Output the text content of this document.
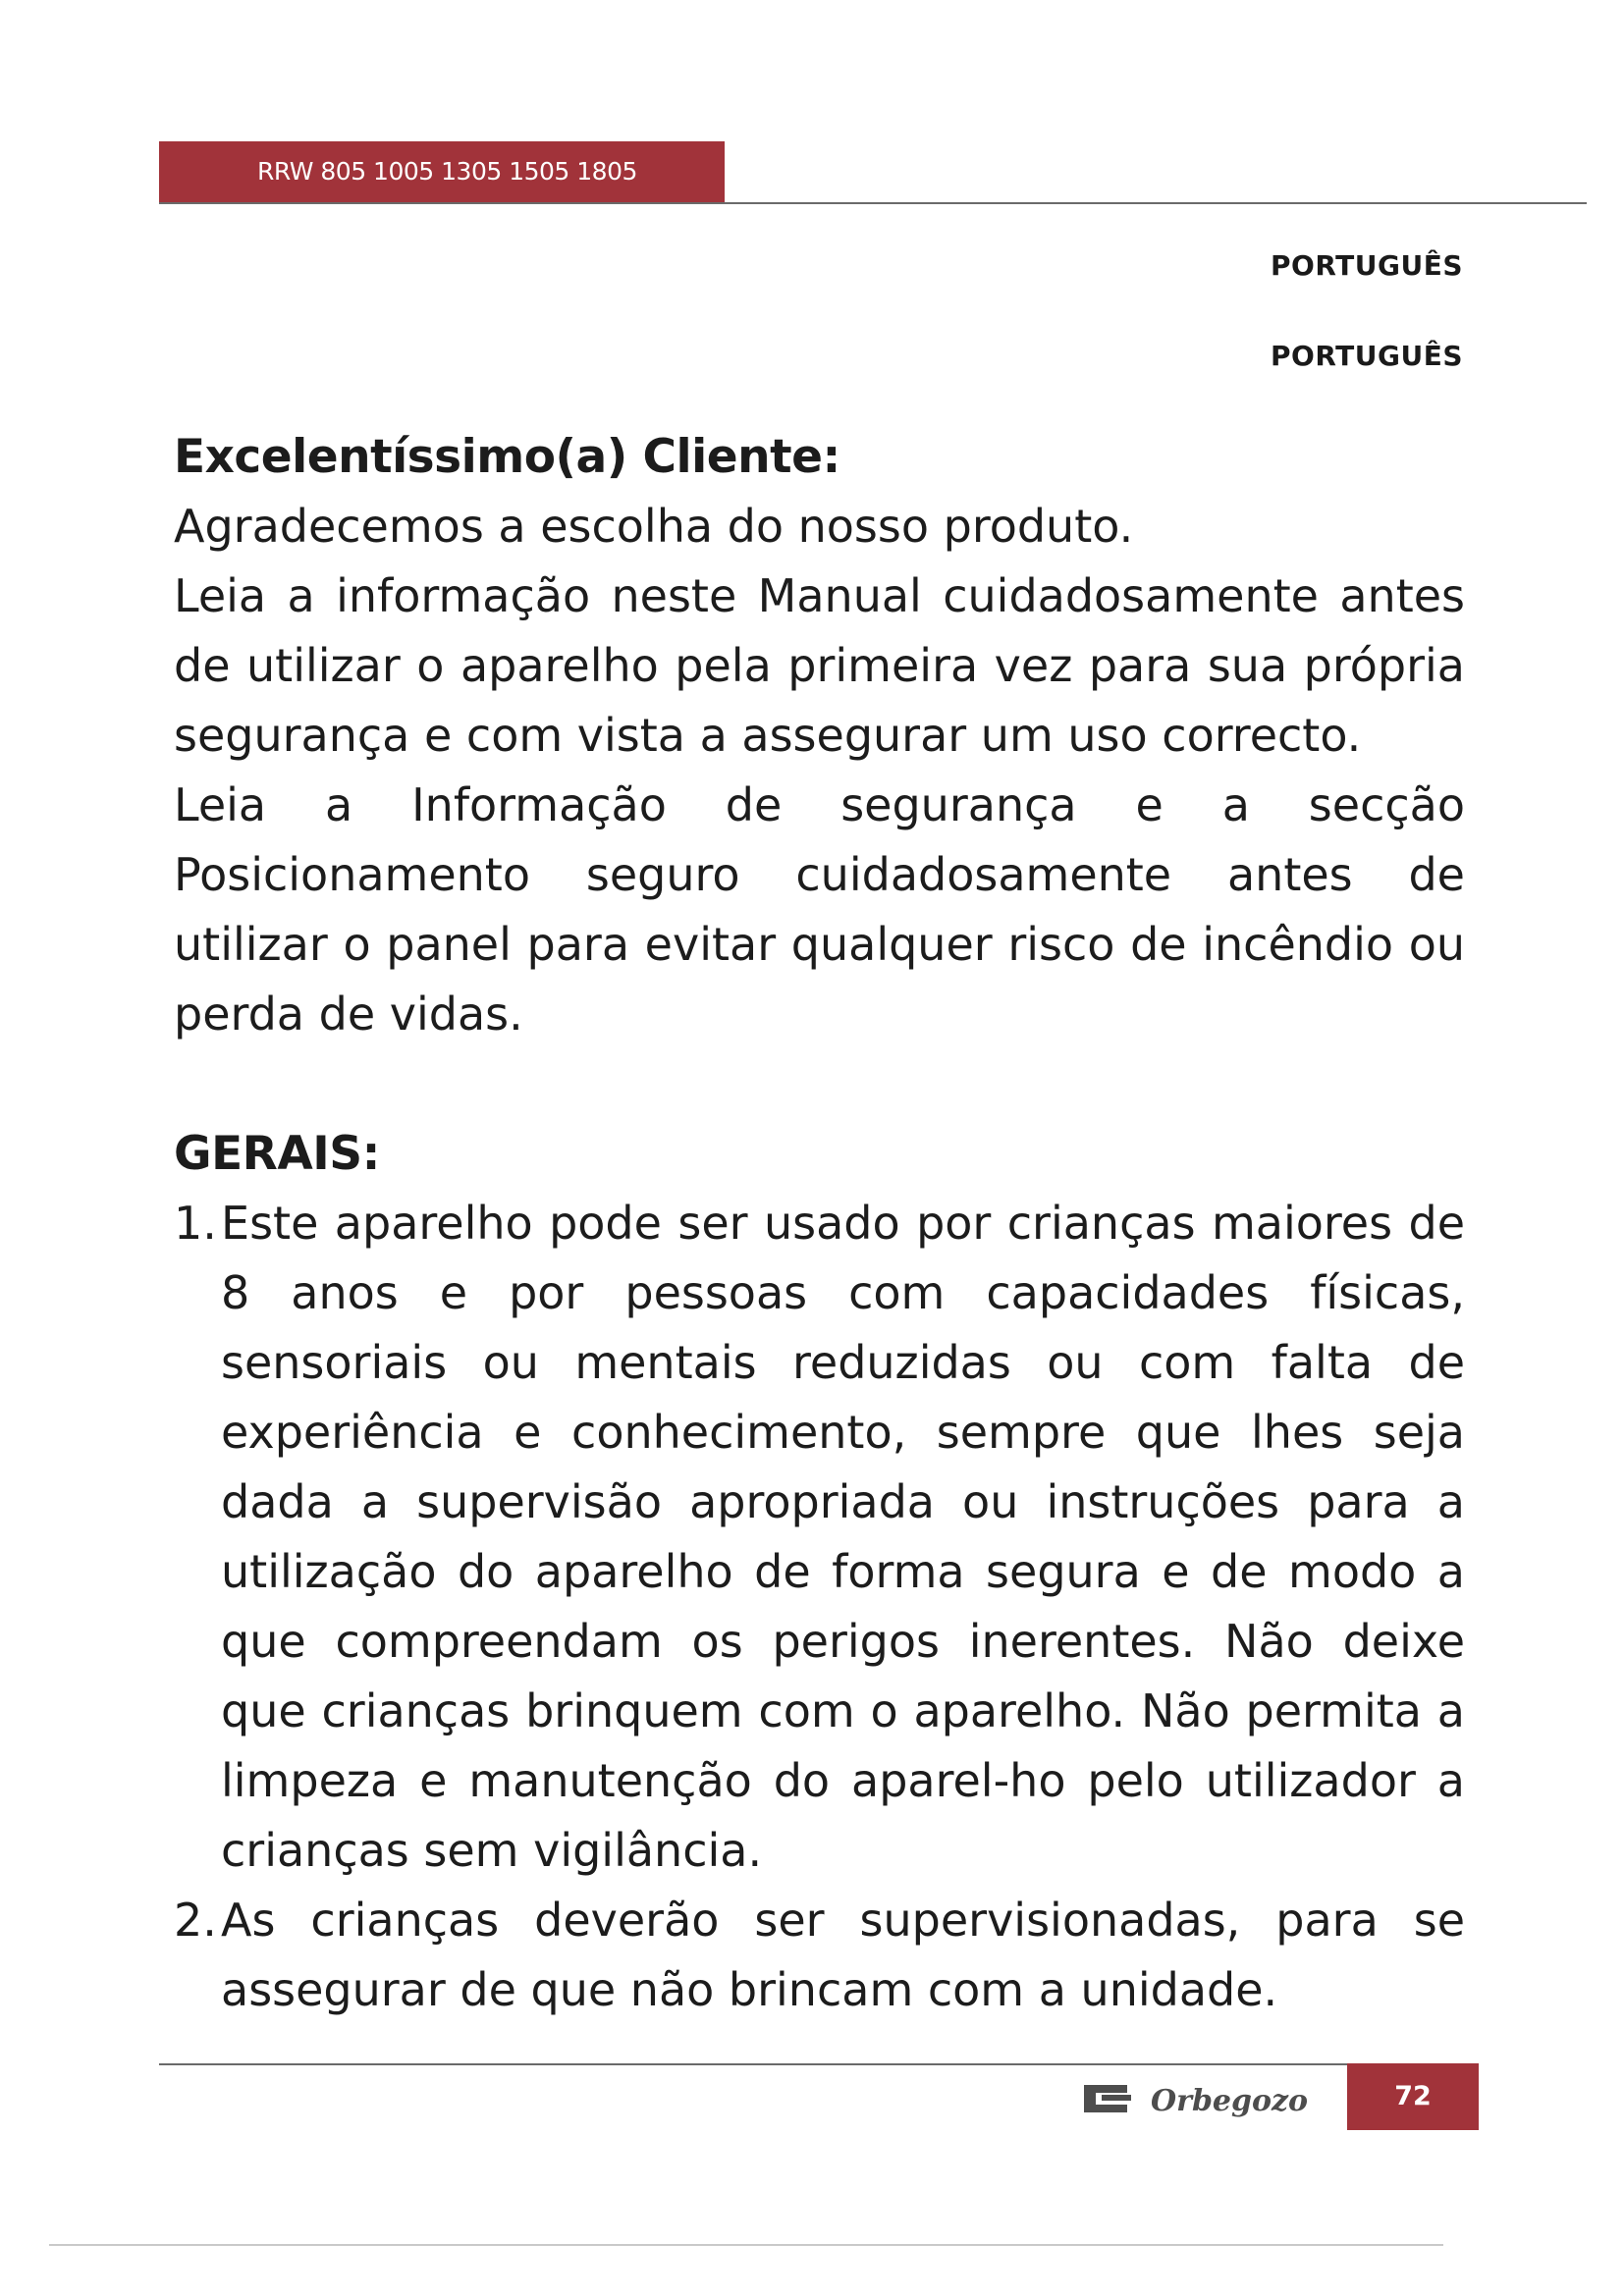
RRW 805 1005 1305 1505 1805
PORTUGUÊS
PORTUGUÊS

Excelentíssimo(a) Cliente:

Agradecemos a escolha do nosso produto.

Leia a informação neste Manual cuidadosamente antes de utilizar o aparelho pela primeira vez para sua própria segurança e com vista a assegurar um uso correcto.

Leia a Informação de segurança e a secção Posicionamento seguro cuidadosamente antes de utilizar o panel para evitar qualquer risco de incêndio ou perda de vidas.

GERAIS:

1. Este aparelho pode ser usado por crianças maiores de 8 anos e por pessoas com capacidades físicas, sensoriais ou mentais reduzidas ou com falta de experiência e conhecimento, sempre que lhes seja dada a supervisão apropriada ou instruções para a utilização do aparelho de forma segura e de modo a que compreendam os perigos inerentes. Não deixe que crianças brinquem com o aparelho. Não permita a limpeza e manutenção do aparel-ho pelo utilizador a crianças sem vigilância.
2. As crianças deverão ser supervisionadas, para se assegurar de que não brincam com a unidade.
Orbegozo	72
